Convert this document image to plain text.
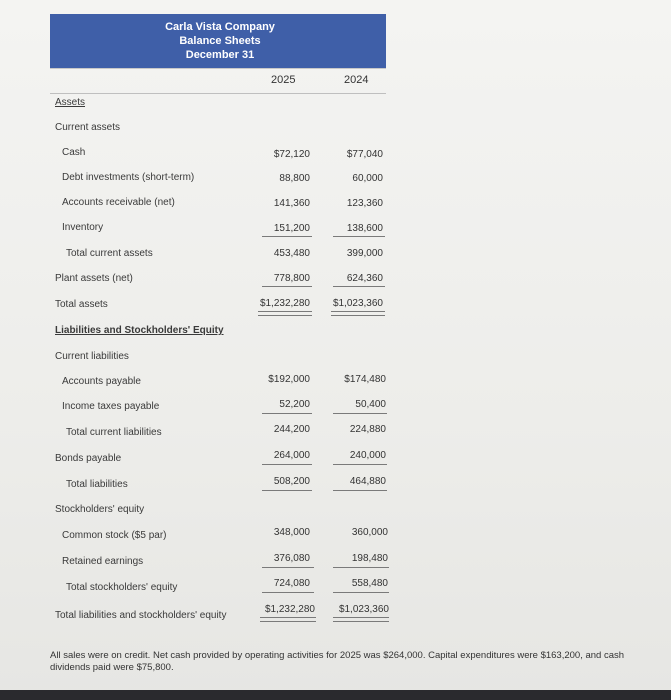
Carla Vista Company
Balance Sheets
December 31
2025	2024
Assets
Current assets
Cash
Debt investments (short-term)
Accounts receivable (net)
Inventory
Total current assets
Plant assets (net)
Total assets
Liabilities and Stockholders' Equity
Current liabilities
Accounts payable
Income taxes payable
Total current liabilities
Bonds payable
Total liabilities
Stockholders' equity
Common stock ($5 par)
Retained earnings
Total stockholders' equity
Total liabilities and stockholders' equity
$72,120
88,800
141,360
151,200
453,480
778,800
$1,232,280
$192,000
52,200
244,200
264,000
508,200
348,000
376,080
724,080
$1,232,280
$77,040
60,000
123,360
138,600
399,000
624,360
$1,023,360
$174,480
50,400
224,880
240,000
464,880
360,000
198,480
558,480
$1,023,360
All sales were on credit. Net cash provided by operating activities for 2025 was $264,000. Capital expenditures were $163,200, and cash dividends paid were $75,800.
